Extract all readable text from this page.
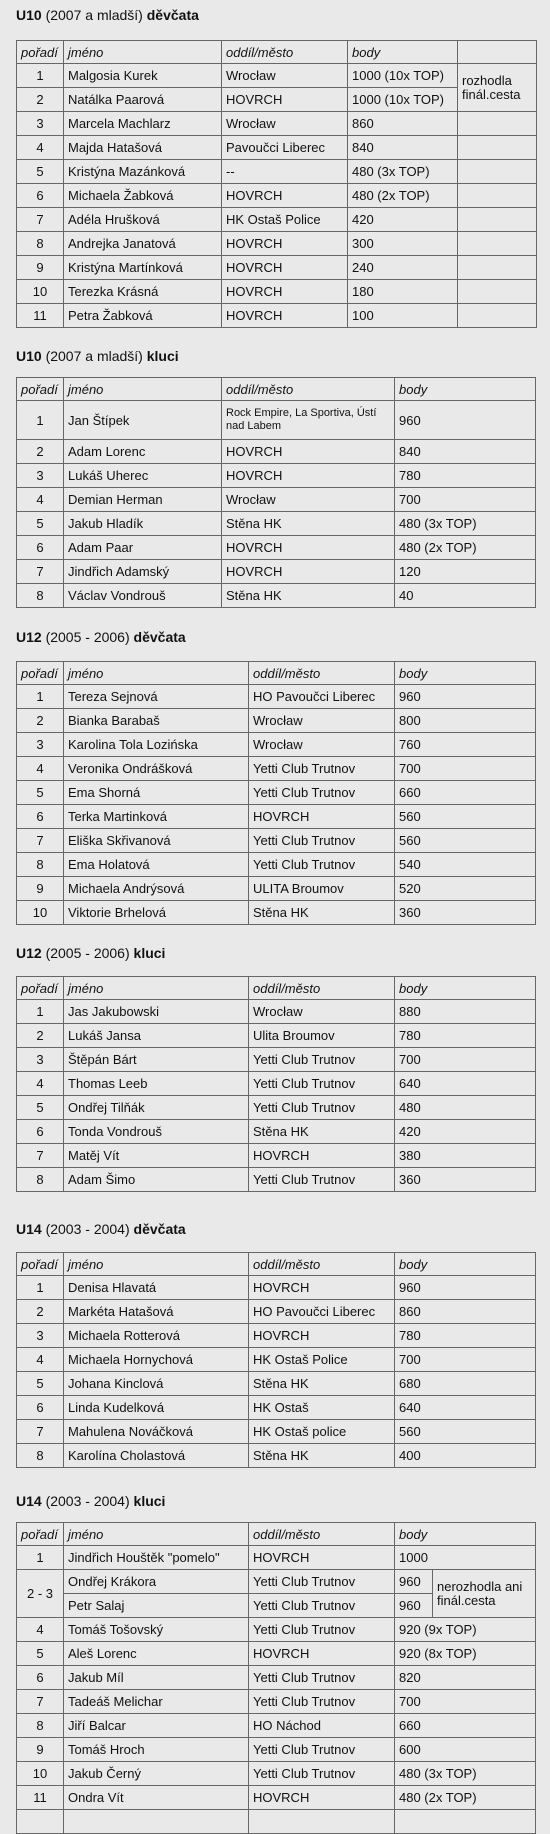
U10 (2007 a mladší) děvčata
pořadí	jméno	oddíl/město	body	
1	Malgosia Kurek	Wrocław	1000 (10x TOP)	rozhodla finál.cesta
2	Natálka Paarová	HOVRCH	1000 (10x TOP)	
3	Marcela Machlarz	Wrocław	860	
4	Majda Hatašová	Pavoučci Liberec	840	
5	Kristýna Mazánková	--	480 (3x TOP)	
6	Michaela Žabková	HOVRCH	480 (2x TOP)	
7	Adéla Hrušková	HK Ostaš Police	420	
8	Andrejka Janatová	HOVRCH	300	
9	Kristýna Martínková	HOVRCH	240	
10	Terezka Krásná	HOVRCH	180	
11	Petra Žabková	HOVRCH	100	
U10 (2007 a mladší) kluci
pořadí	jméno	oddíl/město	body
1	Jan Štípek	Rock Empire, La Sportiva, Ústí nad Labem	960
2	Adam Lorenc	HOVRCH	840
3	Lukáš Uherec	HOVRCH	780
4	Demian Herman	Wrocław	700
5	Jakub Hladík	Stěna HK	480 (3x TOP)
6	Adam Paar	HOVRCH	480 (2x TOP)
7	Jindřich Adamský	HOVRCH	120
8	Václav Vondrouš	Stěna HK	40
U12 (2005 - 2006) děvčata
pořadí	jméno	oddíl/město	body
1	Tereza Sejnová	HO Pavoučci Liberec	960
2	Bianka Barabaš	Wrocław	800
3	Karolina Tola Lozińska	Wrocław	760
4	Veronika Ondrášková	Yetti Club Trutnov	700
5	Ema Shorná	Yetti Club Trutnov	660
6	Terka Martinková	HOVRCH	560
7	Eliška Skřivanová	Yetti Club Trutnov	560
8	Ema Holatová	Yetti Club Trutnov	540
9	Michaela Andrýsová	ULITA Broumov	520
10	Viktorie Brhelová	Stěna HK	360
U12 (2005 - 2006) kluci
pořadí	jméno	oddíl/město	body
1	Jas Jakubowski	Wrocław	880
2	Lukáš Jansa	Ulita Broumov	780
3	Štěpán Bárt	Yetti Club Trutnov	700
4	Thomas Leeb	Yetti Club Trutnov	640
5	Ondřej Tilňák	Yetti Club Trutnov	480
6	Tonda Vondrouš	Stěna HK	420
7	Matěj Vít	HOVRCH	380
8	Adam Šimo	Yetti Club Trutnov	360
U14 (2003 - 2004) děvčata
pořadí	jméno	oddíl/město	body
1	Denisa Hlavatá	HOVRCH	960
2	Markéta Hatašová	HO Pavoučci Liberec	860
3	Michaela Rotterová	HOVRCH	780
4	Michaela Hornychová	HK Ostaš Police	700
5	Johana Kinclová	Stěna HK	680
6	Linda Kudelková	HK Ostaš	640
7	Mahulena Nováčková	HK Ostaš police	560
8	Karolína Cholastová	Stěna HK	400
U14 (2003 - 2004) kluci
pořadí	jméno	oddíl/město	body	
1	Jindřich Houštěk "pomelo"	HOVRCH	1000	
2 - 3	Ondřej Krákora	Yetti Club Trutnov	960	nerozhodla ani finál.cesta
	Petr Salaj	Yetti Club Trutnov	960	
4	Tomáš Tošovský	Yetti Club Trutnov	920 (9x TOP)	
5	Aleš Lorenc	HOVRCH	920 (8x TOP)	
6	Jakub Míl	Yetti Club Trutnov	820	
7	Tadeáš Melichar	Yetti Club Trutnov	700	
8	Jiří Balcar	HO Náchod	660	
9	Tomáš Hroch	Yetti Club Trutnov	600	
10	Jakub Černý	Yetti Club Trutnov	480 (3x TOP)	
11	Ondra Vít	HOVRCH	480 (2x TOP)	
